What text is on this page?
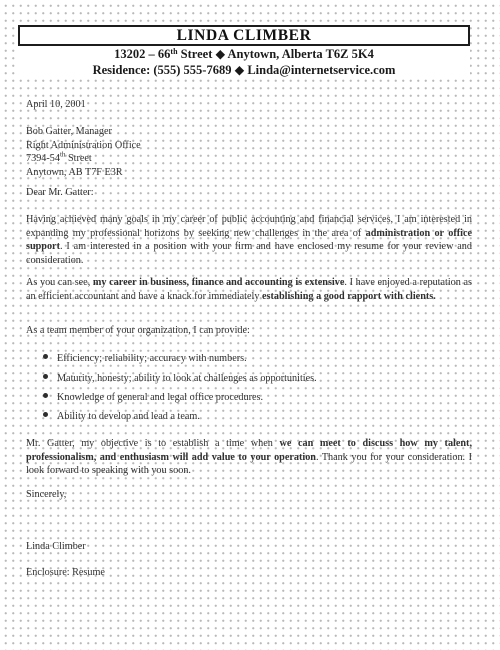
LINDA CLIMBER
13202 – 66th Street ◆ Anytown, Alberta T6Z 5K4
Residence: (555) 555-7689 ◆ Linda@internetservice.com
April 10, 2001
Bob Gatter, Manager
Right Administration Office
7394-54th Street
Anytown, AB T7F E3R
Dear Mr. Gatter:
Having achieved many goals in my career of public accounting and financial services, I am interested in expanding my professional horizons by seeking new challenges in the area of administration or office support. I am interested in a position with your firm and have enclosed my resume for your review and consideration.
As you can see, my career in business, finance and accounting is extensive. I have enjoyed a reputation as an efficient accountant and have a knack for immediately establishing a good rapport with clients.
As a team member of your organization, I can provide:
Efficiency; reliability; accuracy with numbers.
Maturity, honesty; ability to look at challenges as opportunities.
Knowledge of general and legal office procedures.
Ability to develop and lead a team.
Mr. Gatter, my objective is to establish a time when we can meet to discuss how my talent, professionalism, and enthusiasm will add value to your operation. Thank you for your consideration. I look forward to speaking with you soon.
Sincerely,
Linda Climber
Enclosure: Resume
